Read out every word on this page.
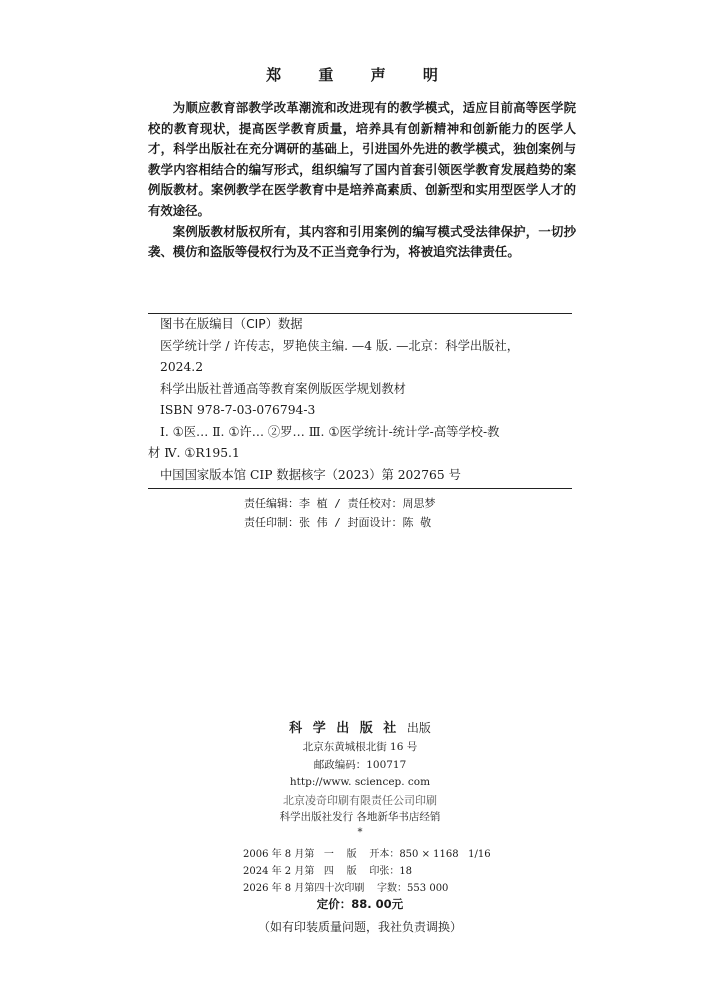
郑 重 声 明

为顺应教育部教学改革潮流和改进现有的教学模式，适应目前高等医学院校的教育现状，提高医学教育质量，培养具有创新精神和创新能力的医学人才，科学出版社在充分调研的基础上，引进国外先进的教学模式，独创案例与教学内容相结合的编写形式，组织编写了国内首套引领医学教育发展趋势的案例版教材。案例教学在医学教育中是培养高素质、创新型和实用型医学人才的有效途径。

案例版教材版权所有，其内容和引用案例的编写模式受法律保护，一切抄袭、模仿和盗版等侵权行为及不正当竞争行为，将被追究法律责任。

图书在版编目（CIP）数据
医学统计学 / 许传志，罗艳侠主编. —4 版. —北京：科学出版社，
2024.2
科学出版社普通高等教育案例版医学规划教材
ISBN 978-7-03-076794-3
Ⅰ. ①医… Ⅱ. ①许… ②罗… Ⅲ. ①医学统计-统计学-高等学校-教
材 Ⅳ. ①R195.1
中国国家版本馆 CIP 数据核字（2023）第 202765 号
责任编辑：李 植 / 责任校对：周思梦
责任印制：张 伟 / 封面设计：陈 敬
科 学 出 版 社 出版
北京东黄城根北街 16 号
邮政编码：100717
http://www. sciencep. com
北京凌奇印刷有限责任公司印刷
科学出版社发行 各地新华书店经销
*
2006 年 8 月第   一    版    开本：850 × 1168   1/16
2024 年 2 月第   四    版    印张：18
2026 年 8 月第四十次印刷    字数：553 000
定价：88. 00元
（如有印装质量问题，我社负责调换）
